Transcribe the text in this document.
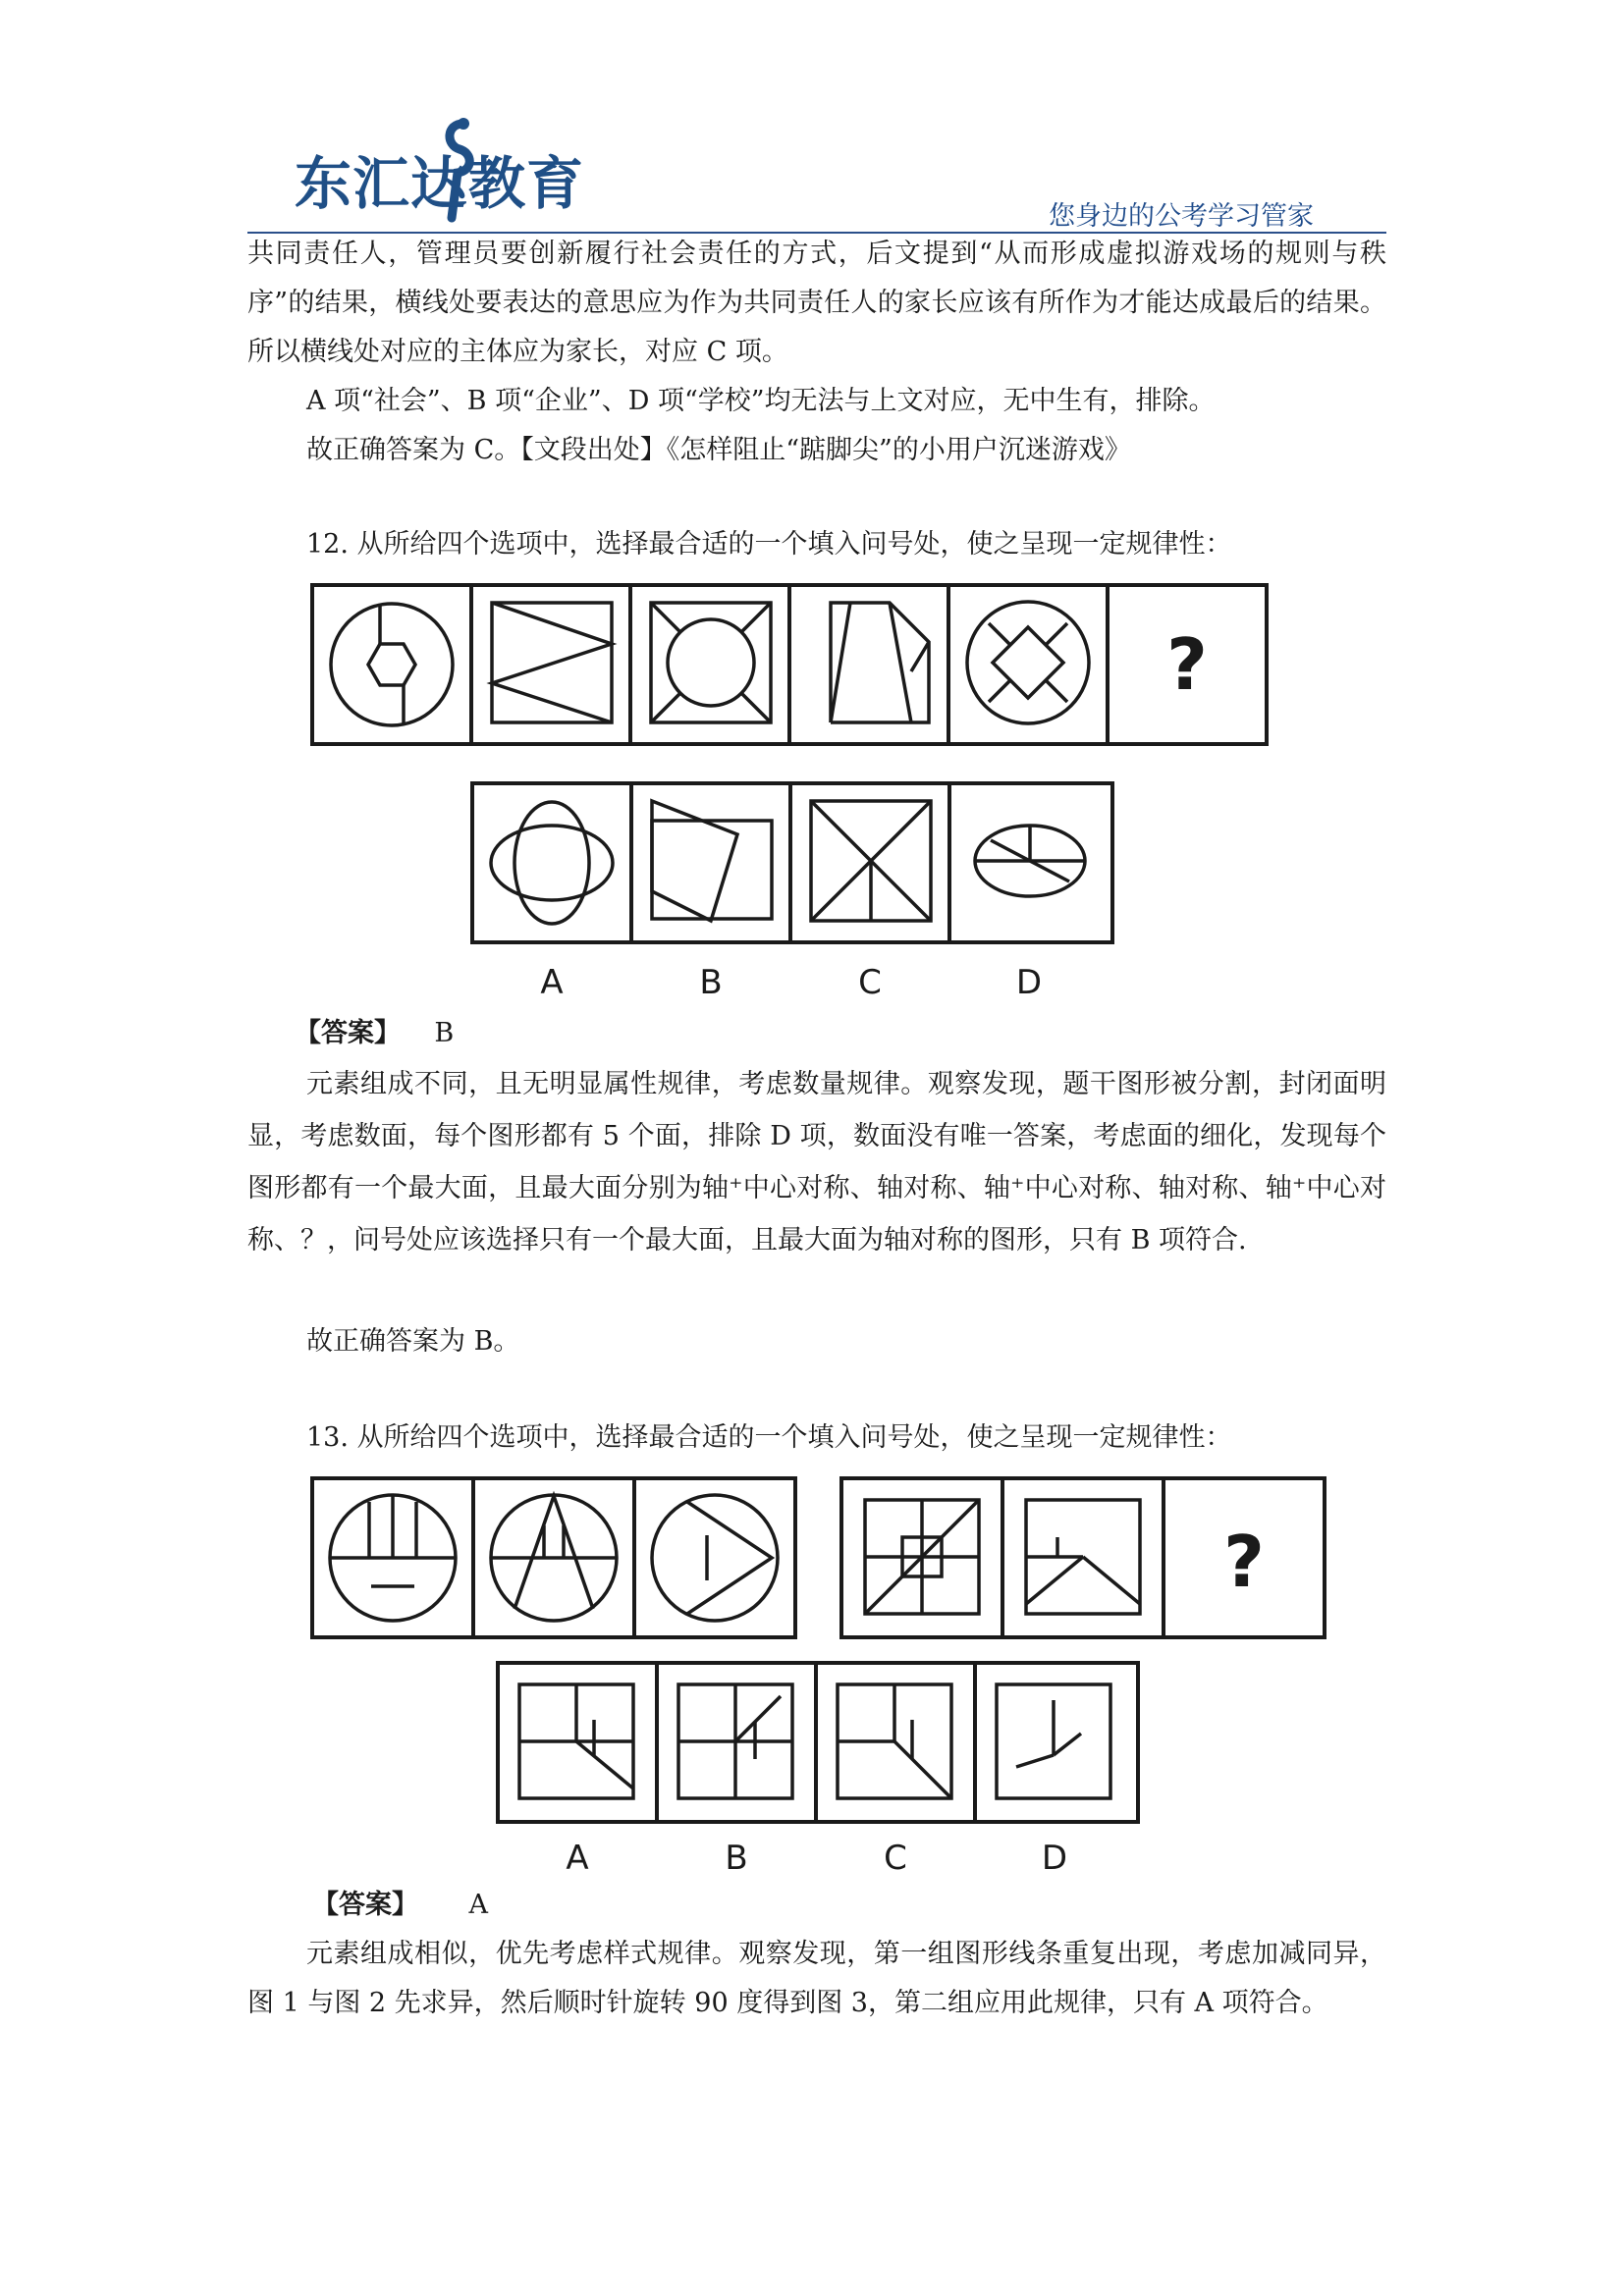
东汇达教育	您身边的公考学习管家
共同责任人，管理员要创新履行社会责任的方式，后文提到“从而形成虚拟游戏场的规则与秩序”的结果，横线处要表达的意思应为作为共同责任人的家长应该有所作为才能达成最后的结果。所以横线处对应的主体应为家长，对应 C 项。
A 项“社会”、B 项“企业”、D 项“学校”均无法与上文对应，无中生有，排除。
故正确答案为 C。【文段出处】《怎样阻止“踮脚尖”的小用户沉迷游戏》
12. 从所给四个选项中，选择最合适的一个填入问号处，使之呈现一定规律性：
?
A	B	C	D
【答案】 B
元素组成不同，且无明显属性规律，考虑数量规律。观察发现，题干图形被分割，封闭面明显，考虑数面，每个图形都有 5 个面，排除 D 项，数面没有唯一答案，考虑面的细化，发现每个图形都有一个最大面，且最大面分别为轴⁺中心对称、轴对称、轴⁺中心对称、轴对称、轴⁺中心对称、？，问号处应该选择只有一个最大面，且最大面为轴对称的图形，只有 B 项符合.
故正确答案为 B。
13. 从所给四个选项中，选择最合适的一个填入问号处，使之呈现一定规律性：
?
A	B	C	D
【答案】 A
元素组成相似，优先考虑样式规律。观察发现，第一组图形线条重复出现，考虑加减同异，图 1 与图 2 先求异，然后顺时针旋转 90 度得到图 3，第二组应用此规律，只有 A 项符合。
